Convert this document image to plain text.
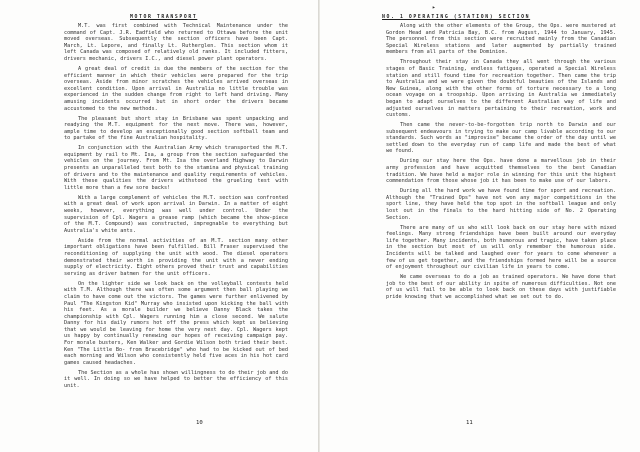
MOTOR TRANSPORT

M.T. was first combined with Technical Maintenance under the command of Capt. J.R. Eadfield who returned to Ottawa before the unit moved overseas. Subsequently the section officers have been Capt. March, Lt. Lepore, and finally Lt. Rutherglen. This section whom it left Canada was composed of relatively old ranks. It included fitters, drivers mechanic, drivers I.C., and diesel power plant operators.

A great deal of credit is due the members of the section for the efficient manner in which their vehicles were prepared for the trip overseas. Aside from minor scratches the vehicles arrived overseas in excellent condition. Upon arrival in Australia no little trouble was experienced in the sudden change from right to left hand driving. Many amusing incidents occurred but in short order the drivers became accustomed to the new methods.

The pleasant but short stay in Brisbane was spent unpacking and readying the M.T. equipment for the next move. There was, however, ample time to develop an exceptionally good section softball team and to partake of the fine Australian hospitality.

In conjunction with the Australian Army which transported the M.T. equipment by rail to Mt. Isa, a group from the section safeguarded the vehicles on the journey. From Mt. Isa the overland Highway to Darwin presents an unparalleled test both to the stamina and physical training of drivers and to the maintenance and quality requirements of vehicles. With these qualities the drivers withstood the grueling test with little more than a few sore backs!

With a large complement of vehicles the M.T. section was confronted with a great deal of work upon arrival in Darwin. In a matter of eight weeks, however, everything was well under control. Under the supervision of Cpl. Wagers a grease ramp (which became the show-piece of the M.T. Compound) was constructed, impregnable to everything but Australia's white ants.

Aside from the normal activities of an M.T. section many other important obligations have been fulfilled. Bill Fraser supervised the reconditioning of supplying the unit with wood. The diesel operators demonstrated their worth in providing the unit with a never ending supply of electricity. Eight others proved their trust and capabilities serving as driver batmen for the unit officers.

On the lighter side we look back on the volleyball contests held with T.M. Although there was often some argument then ball playing we claim to have come out the victors. The games were further enlivened by Paul "The Kingston Kid" Murray who insisted upon kicking the ball with his feet. As a morale builder we believe Danny Black takes the championship with Cpl. Wagers running him a close second. We salute Danny for his daily rumors hot off the press which kept us believing that we would be leaving for home the very next day. Cpl. Wagers kept us happy by continually renewing our hopes of receiving campaign pay. For morale busters, Ken Walker and Gordie Wilson both tried their best. Ken "The Little Bo- from Bracebridge" who had to be kicked out of bed each morning and Wilson who consistently held five aces in his hot card games caused headaches.

The Section as a whole has shown willingness to do their job and do it well. In doing so we have helped to better the efficiency of this unit.

10
▸
NO. 1 OPERATING (STATION) SECTION

Along with the other elements of the Group, the Ops. were mustered at Gordon Head and Patricia Bay, B.C. from August, 1944 to January, 1945. The personnel from this section were recruited mainly from the Canadian Special Wireless stations and later augmented by partially trained members from all parts of the Dominion.

Throughout their stay in Canada they all went through the various stages of Basic Training, endless fatigues, operated a Special Wireless station and still found time for recreation together. Then came the trip to Australia and we were given the doubtful beauties of the Islands and New Guinea, along with the other forms of torture necessary to a long ocean voyage on a troopship. Upon arriving in Australia we immediately began to adapt ourselves to the different Australian way of life and adjusted ourselves in matters pertaining to their recreation, work and customs.

Then came the never-to-be-forgotten trip north to Darwin and our subsequent endeavours in trying to make our camp livable according to our standards. Such words as "improvise" became the order of the day until we settled down to the everyday run of camp life and made the best of what we found.

During our stay here the Ops. have done a marvellous job in their army profession and have acquitted themselves to the best Canadian tradition. We have held a major role in winning for this unit the highest commendation from those whose job it has been to make use of our labors.

During all the hard work we have found time for sport and recreation. Although the "Trained Ops" have not won any major competitions in the sport line, they have held the top spot in the softball league and only lost out in the finals to the hard hitting side of No. 2 Operating Section.

There are many of us who will look back on our stay here with mixed feelings. Many strong friendships have been built around our everyday life together. Many incidents, both humorous and tragic, have taken place in the section but most of us will only remember the humorous side. Incidents will be talked and laughed over for years to come whenever a few of us get together, and the friendships formed here will be a source of enjoyment throughout our civilian life in years to come.

We came overseas to do a job as trained operators. We have done that job to the best of our ability in spite of numerous difficulties. Not one of us will fail to be able to look back on these days with justifiable pride knowing that we accomplished what we set out to do.

11
